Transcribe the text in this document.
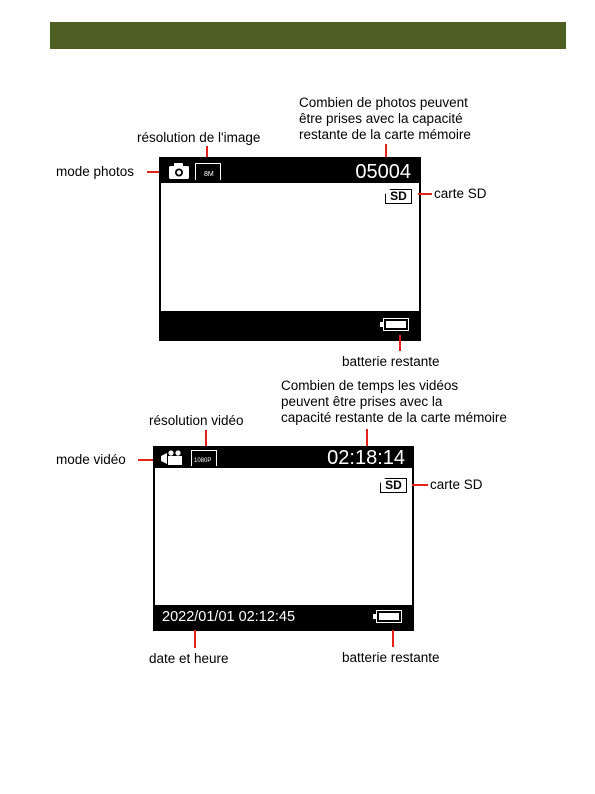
Combien de photos peuvent
être prises avec la capacité
restante de la carte mémoire
résolution de l'image
mode photos	8M	05004
SD	carte SD
batterie restante
Combien de temps les vidéos
peuvent être prises avec la
capacité restante de la carte mémoire
résolution vidéo
mode vidéo	1080P	02:18:14
SD
2022/01/01 02:12:45
carte SD
date et heure	batterie restante
